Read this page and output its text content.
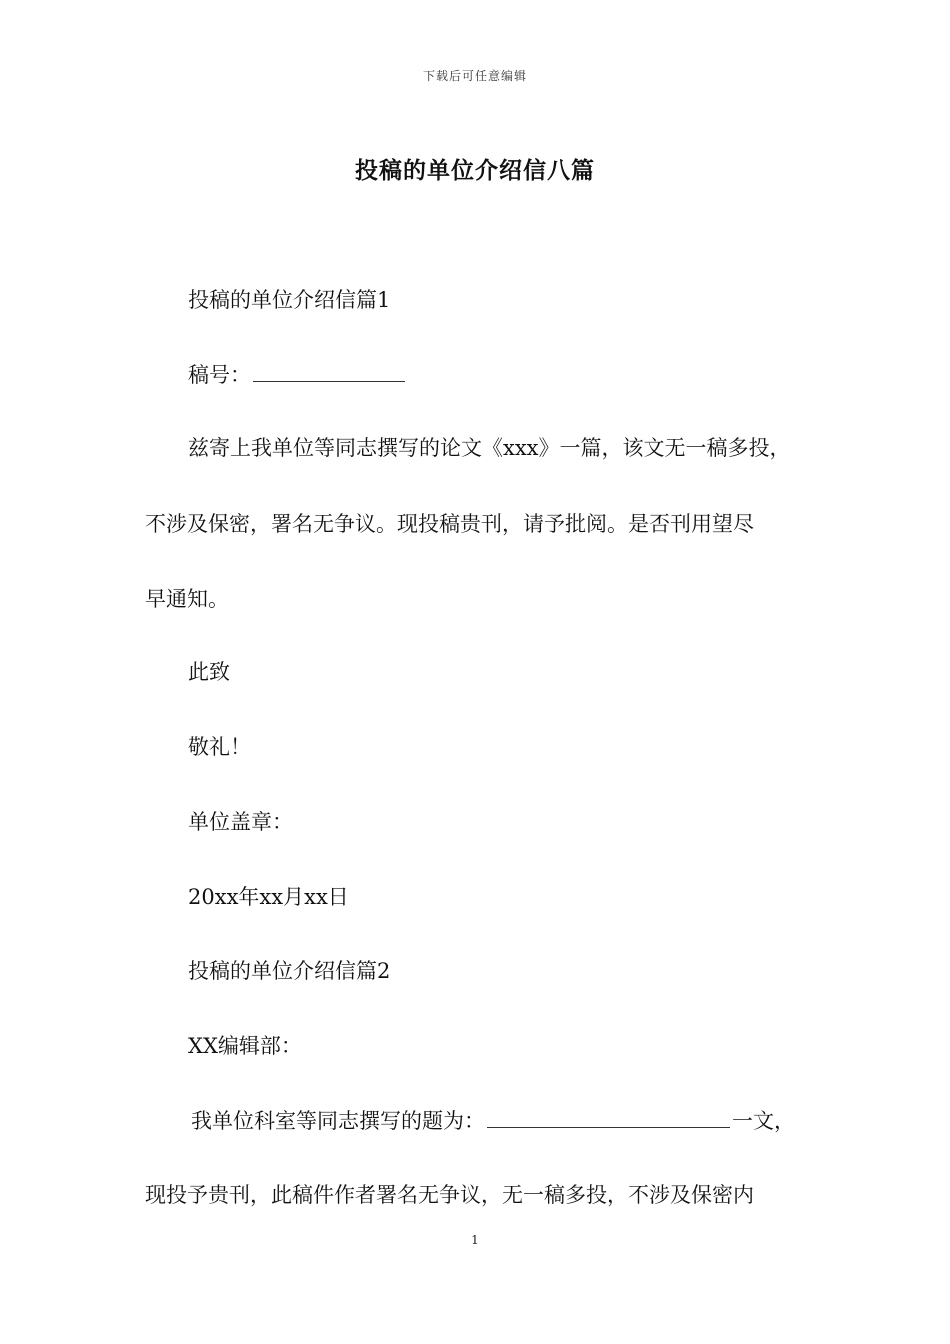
下载后可任意编辑
投稿的单位介绍信八篇
投稿的单位介绍信篇1
稿号：
兹寄上我单位等同志撰写的论文《xxx》一篇，该文无一稿多投，
不涉及保密，署名无争议。现投稿贵刊，请予批阅。是否刊用望尽
早通知。
此致
敬礼！
单位盖章：
20xx年xx月xx日
投稿的单位介绍信篇2
XX编辑部：
我单位科室等同志撰写的题为：	一文，
现投予贵刊，此稿件作者署名无争议，无一稿多投，不涉及保密内
1
